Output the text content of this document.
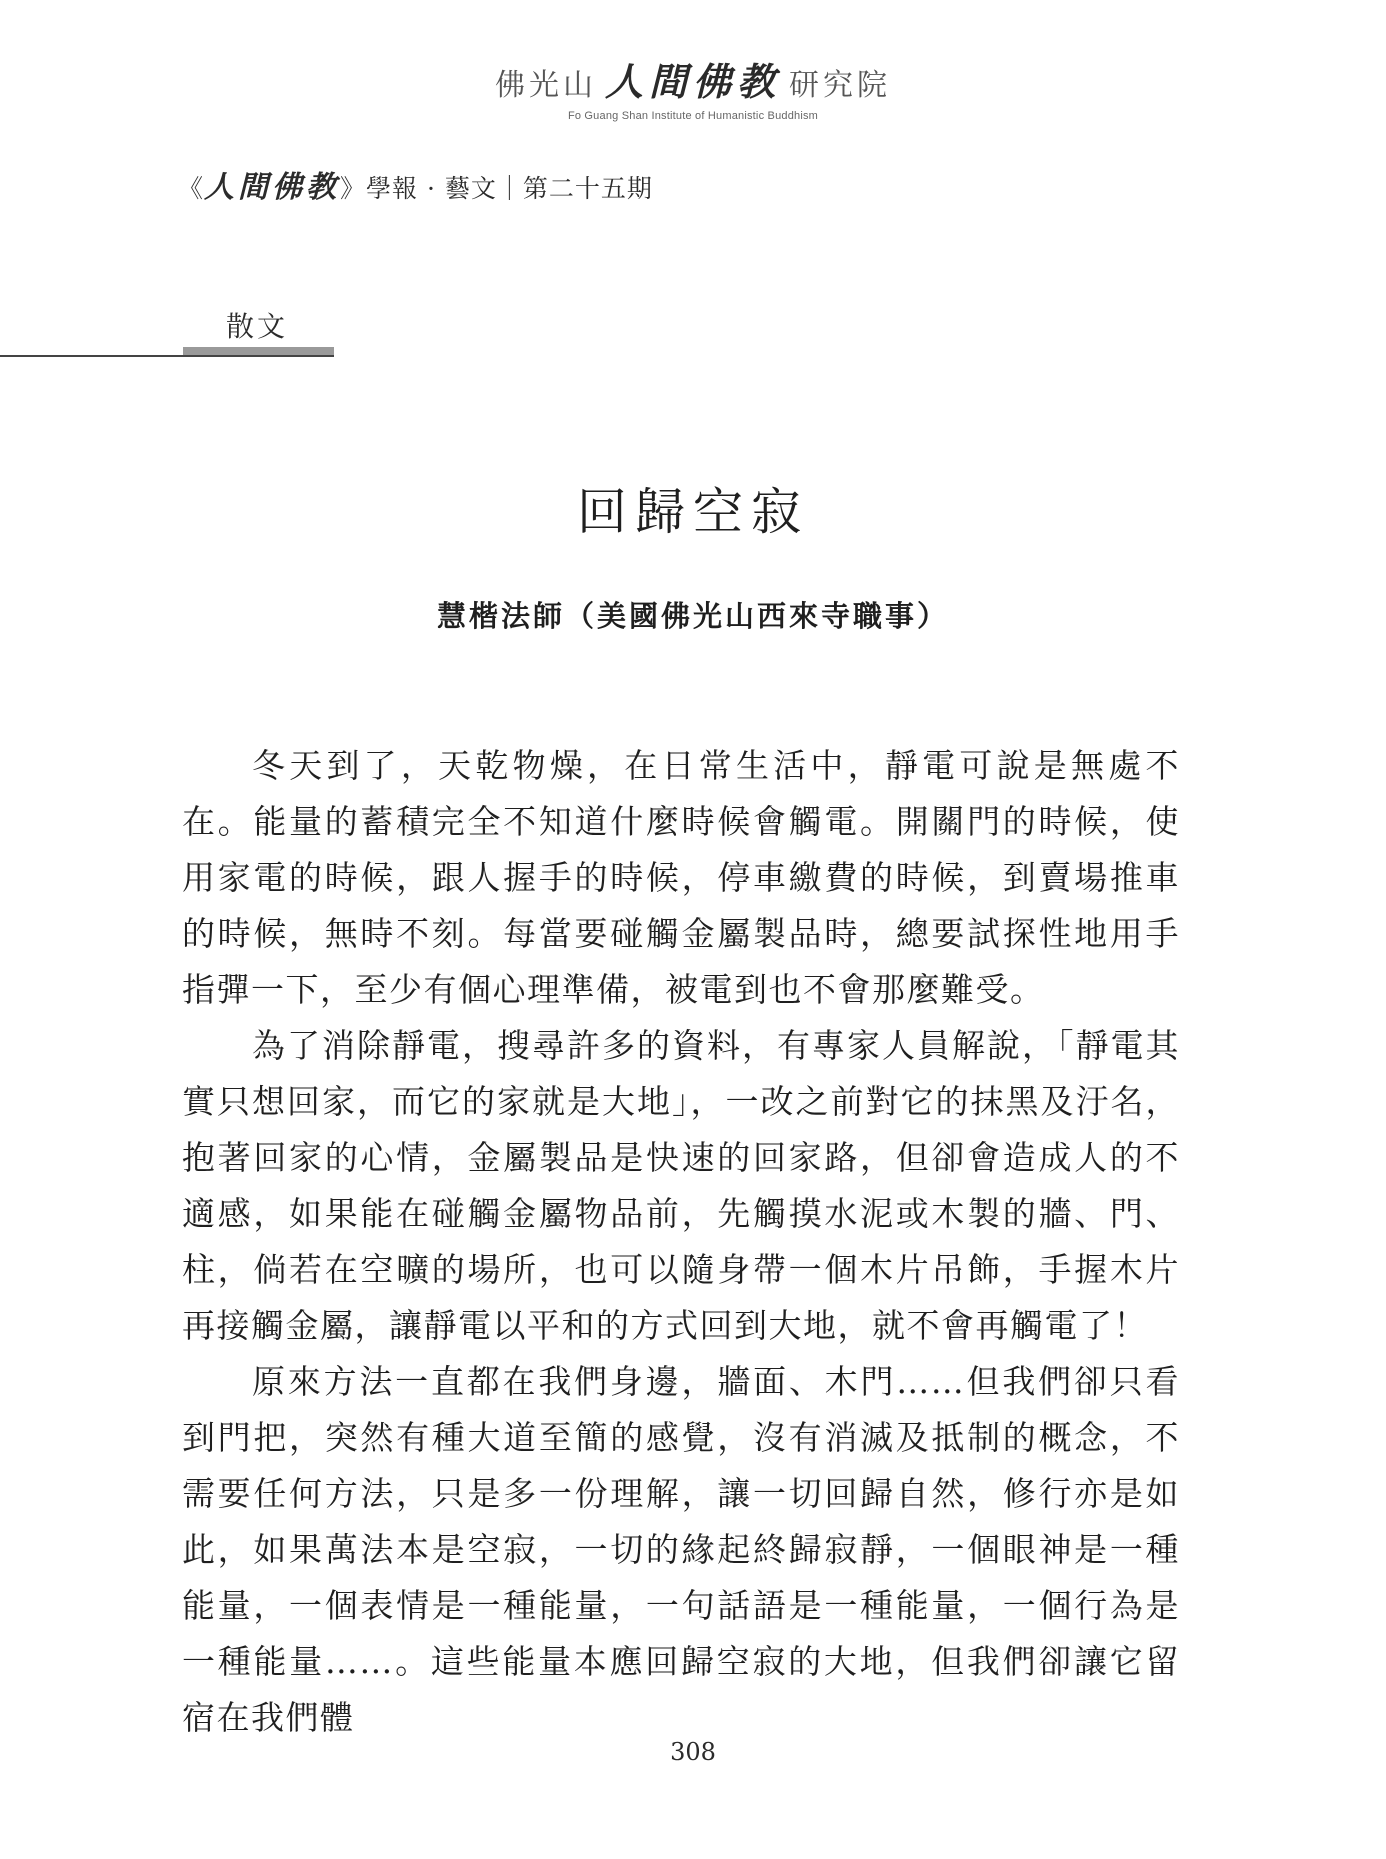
佛光山 人間佛教 研究院
Fo Guang Shan Institute of Humanistic Buddhism
《人間佛教》學報 · 藝文｜第二十五期
散文
回歸空寂
慧楷法師（美國佛光山西來寺職事）

冬天到了，天乾物燥，在日常生活中，靜電可說是無處不在。能量的蓄積完全不知道什麼時候會觸電。開關門的時候，使用家電的時候，跟人握手的時候，停車繳費的時候，到賣場推車的時候，無時不刻。每當要碰觸金屬製品時，總要試探性地用手指彈一下，至少有個心理準備，被電到也不會那麼難受。

為了消除靜電，搜尋許多的資料，有專家人員解說，「靜電其實只想回家，而它的家就是大地」，一改之前對它的抹黑及汙名，抱著回家的心情，金屬製品是快速的回家路，但卻會造成人的不適感，如果能在碰觸金屬物品前，先觸摸水泥或木製的牆、門、柱，倘若在空曠的場所，也可以隨身帶一個木片吊飾，手握木片再接觸金屬，讓靜電以平和的方式回到大地，就不會再觸電了！

原來方法一直都在我們身邊，牆面、木門……但我們卻只看到門把，突然有種大道至簡的感覺，沒有消滅及抵制的概念，不需要任何方法，只是多一份理解，讓一切回歸自然，修行亦是如此，如果萬法本是空寂，一切的緣起終歸寂靜，一個眼神是一種能量，一個表情是一種能量，一句話語是一種能量，一個行為是一種能量……。這些能量本應回歸空寂的大地，但我們卻讓它留宿在我們體

308
